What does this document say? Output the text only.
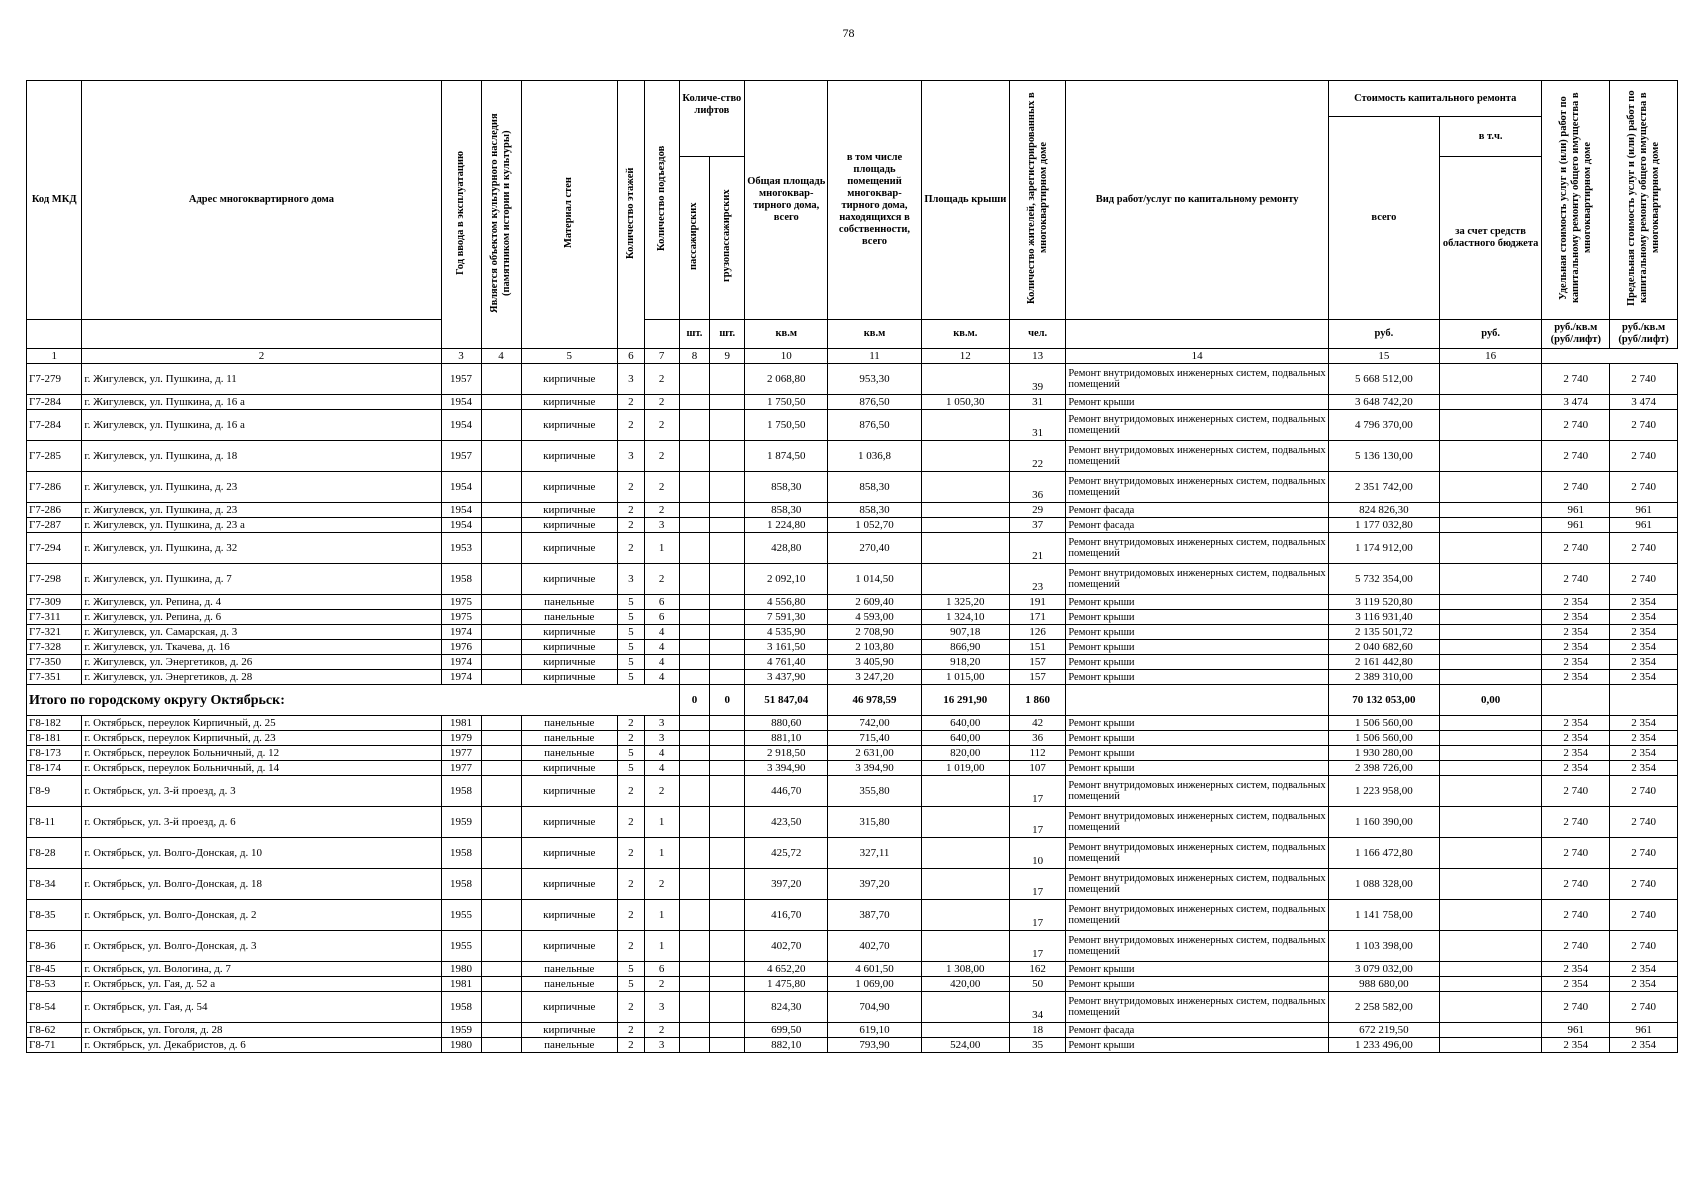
78
Код МКД	Адрес многоквартирного дома	Год ввода в эксплуатацию	Является объектом культурного наследия (памятником истории и культуры)	Материал стен	Количество этажей	Количество подъездов	Количе-ство лифтов		Общая площадь многоквар-тирного дома, всего	в том числе площадь помещений многоквар-тирного дома, находящихся в собственности, всего	Площадь крыши	Количество жителей, зарегистрированных в многоквартирном доме	Вид работ/услуг по капитальному ремонту	Стоимость капитального ремонта		Удельная стоимость услуг и (или) работ по капитальному ремонту общего имущества в многоквартирном доме	Предельная стоимость услуг и (или) работ по капитальному ремонту общего имущества в многоквартирном доме
														всего	в т.ч.		
							пассажирских	грузопассажирских							за счет средств областного бюджета		
							шт.	шт.	кв.м	кв.м	кв.м.	чел.		руб.	руб.	руб./кв.м (руб/лифт)	руб./кв.м (руб/лифт)
1	2	3	4	5	6	7	8	9	10	11	12	13	14	15	16		
Г7-279	г. Жигулевск, ул. Пушкина, д. 11	1957		кирпичные	3	2			2 068,80	953,30		39	Ремонт внутридомовых инженерных систем, подвальных помещений	5 668 512,00		2 740	2 740
Г7-284	г. Жигулевск, ул. Пушкина, д. 16 а	1954		кирпичные	2	2			1 750,50	876,50	1 050,30	31	Ремонт крыши	3 648 742,20		3 474	3 474
Г7-284	г. Жигулевск, ул. Пушкина, д. 16 а	1954		кирпичные	2	2			1 750,50	876,50		31	Ремонт внутридомовых инженерных систем, подвальных помещений	4 796 370,00		2 740	2 740
Г7-285	г. Жигулевск, ул. Пушкина, д. 18	1957		кирпичные	3	2			1 874,50	1 036,8		22	Ремонт внутридомовых инженерных систем, подвальных помещений	5 136 130,00		2 740	2 740
Г7-286	г. Жигулевск, ул. Пушкина, д. 23	1954		кирпичные	2	2			858,30	858,30		36	Ремонт внутридомовых инженерных систем, подвальных помещений	2 351 742,00		2 740	2 740
Г7-286	г. Жигулевск, ул. Пушкина, д. 23	1954		кирпичные	2	2			858,30	858,30		29	Ремонт фасада	824 826,30		961	961
Г7-287	г. Жигулевск, ул. Пушкина, д. 23 а	1954		кирпичные	2	3			1 224,80	1 052,70		37	Ремонт фасада	1 177 032,80		961	961
Г7-294	г. Жигулевск, ул. Пушкина, д. 32	1953		кирпичные	2	1			428,80	270,40		21	Ремонт внутридомовых инженерных систем, подвальных помещений	1 174 912,00		2 740	2 740
Г7-298	г. Жигулевск, ул. Пушкина, д. 7	1958		кирпичные	3	2			2 092,10	1 014,50		23	Ремонт внутридомовых инженерных систем, подвальных помещений	5 732 354,00		2 740	2 740
Г7-309	г. Жигулевск, ул. Репина, д. 4	1975		панельные	5	6			4 556,80	2 609,40	1 325,20	191	Ремонт крыши	3 119 520,80		2 354	2 354
Г7-311	г. Жигулевск, ул. Репина, д. 6	1975		панельные	5	6			7 591,30	4 593,00	1 324,10	171	Ремонт крыши	3 116 931,40		2 354	2 354
Г7-321	г. Жигулевск, ул. Самарская, д. 3	1974		кирпичные	5	4			4 535,90	2 708,90	907,18	126	Ремонт крыши	2 135 501,72		2 354	2 354
Г7-328	г. Жигулевск, ул. Ткачева, д. 16	1976		кирпичные	5	4			3 161,50	2 103,80	866,90	151	Ремонт крыши	2 040 682,60		2 354	2 354
Г7-350	г. Жигулевск, ул. Энергетиков, д. 26	1974		кирпичные	5	4			4 761,40	3 405,90	918,20	157	Ремонт крыши	2 161 442,80		2 354	2 354
Г7-351	г. Жигулевск, ул. Энергетиков, д. 28	1974		кирпичные	5	4			3 437,90	3 247,20	1 015,00	157	Ремонт крыши	2 389 310,00		2 354	2 354
Итого по городскому округу Октябрьск:							0	0	51 847,04	46 978,59	16 291,90	1 860		70 132 053,00	0,00		
Г8-182	г. Октябрьск, переулок Кирпичный, д. 25	1981		панельные	2	3			880,60	742,00	640,00	42	Ремонт крыши	1 506 560,00		2 354	2 354
Г8-181	г. Октябрьск, переулок Кирпичный, д. 23	1979		панельные	2	3			881,10	715,40	640,00	36	Ремонт крыши	1 506 560,00		2 354	2 354
Г8-173	г. Октябрьск, переулок Больничный, д. 12	1977		панельные	5	4			2 918,50	2 631,00	820,00	112	Ремонт крыши	1 930 280,00		2 354	2 354
Г8-174	г. Октябрьск, переулок Больничный, д. 14	1977		кирпичные	5	4			3 394,90	3 394,90	1 019,00	107	Ремонт крыши	2 398 726,00		2 354	2 354
Г8-9	г. Октябрьск, ул. 3-й проезд, д. 3	1958		кирпичные	2	2			446,70	355,80		17	Ремонт внутридомовых инженерных систем, подвальных помещений	1 223 958,00		2 740	2 740
Г8-11	г. Октябрьск, ул. 3-й проезд, д. 6	1959		кирпичные	2	1			423,50	315,80		17	Ремонт внутридомовых инженерных систем, подвальных помещений	1 160 390,00		2 740	2 740
Г8-28	г. Октябрьск, ул. Волго-Донская, д. 10	1958		кирпичные	2	1			425,72	327,11		10	Ремонт внутридомовых инженерных систем, подвальных помещений	1 166 472,80		2 740	2 740
Г8-34	г. Октябрьск, ул. Волго-Донская, д. 18	1958		кирпичные	2	2			397,20	397,20		17	Ремонт внутридомовых инженерных систем, подвальных помещений	1 088 328,00		2 740	2 740
Г8-35	г. Октябрьск, ул. Волго-Донская, д. 2	1955		кирпичные	2	1			416,70	387,70		17	Ремонт внутридомовых инженерных систем, подвальных помещений	1 141 758,00		2 740	2 740
Г8-36	г. Октябрьск, ул. Волго-Донская, д. 3	1955		кирпичные	2	1			402,70	402,70		17	Ремонт внутридомовых инженерных систем, подвальных помещений	1 103 398,00		2 740	2 740
Г8-45	г. Октябрьск, ул. Вологина, д. 7	1980		панельные	5	6			4 652,20	4 601,50	1 308,00	162	Ремонт крыши	3 079 032,00		2 354	2 354
Г8-53	г. Октябрьск, ул. Гая, д. 52 а	1981		панельные	5	2			1 475,80	1 069,00	420,00	50	Ремонт крыши	988 680,00		2 354	2 354
Г8-54	г. Октябрьск, ул. Гая, д. 54	1958		кирпичные	2	3			824,30	704,90		34	Ремонт внутридомовых инженерных систем, подвальных помещений	2 258 582,00		2 740	2 740
Г8-62	г. Октябрьск, ул. Гоголя, д. 28	1959		кирпичные	2	2			699,50	619,10		18	Ремонт фасада	672 219,50		961	961
Г8-71	г. Октябрьск, ул. Декабристов, д. 6	1980		панельные	2	3			882,10	793,90	524,00	35	Ремонт крыши	1 233 496,00		2 354	2 354
